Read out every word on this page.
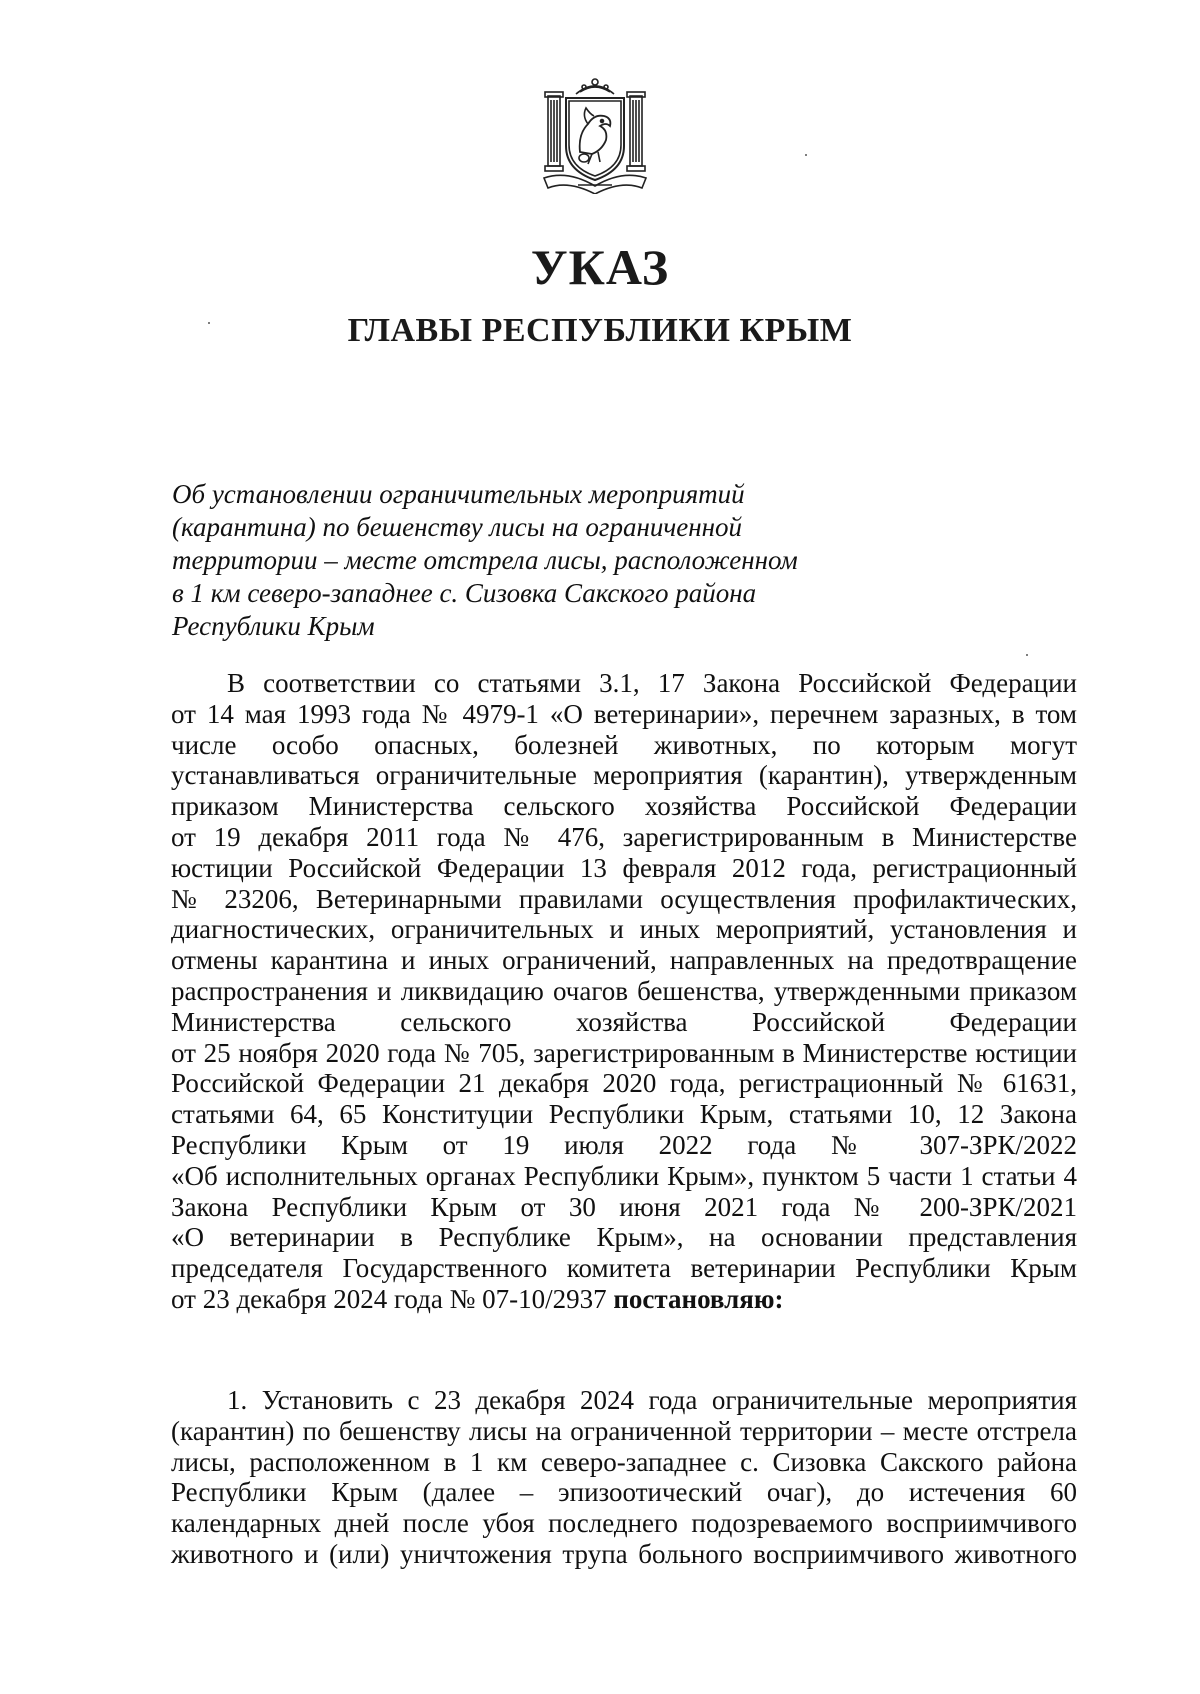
УКАЗ
ГЛАВЫ РЕСПУБЛИКИ КРЫМ
Об установлении ограничительных мероприятий
(карантина) по бешенству лисы на ограниченной
территории – месте отстрела лисы, расположенном
в 1 км северо-западнее с. Сизовка Сакского района
Республики Крым
В соответствии со статьями 3.1, 17 Закона Российской Федерации
от 14 мая 1993 года № 4979-1 «О ветеринарии», перечнем заразных, в том
числе особо опасных, болезней животных, по которым могут
устанавливаться ограничительные мероприятия (карантин), утвержденным
приказом Министерства сельского хозяйства Российской Федерации
от 19 декабря 2011 года № 476, зарегистрированным в Министерстве
юстиции Российской Федерации 13 февраля 2012 года, регистрационный
№ 23206, Ветеринарными правилами осуществления профилактических,
диагностических, ограничительных и иных мероприятий, установления и
отмены карантина и иных ограничений, направленных на предотвращение
распространения и ликвидацию очагов бешенства, утвержденными приказом
Министерства сельского хозяйства Российской Федерации
от 25 ноября 2020 года № 705, зарегистрированным в Министерстве юстиции
Российской Федерации 21 декабря 2020 года, регистрационный № 61631,
статьями 64, 65 Конституции Республики Крым, статьями 10, 12 Закона
Республики Крым от 19 июля 2022 года № 307-ЗРК/2022
«Об исполнительных органах Республики Крым», пунктом 5 части 1 статьи 4
Закона Республики Крым от 30 июня 2021 года № 200-ЗРК/2021
«О ветеринарии в Республике Крым», на основании представления
председателя Государственного комитета ветеринарии Республики Крым
от 23 декабря 2024 года № 07-10/2937 постановляю:
1. Установить с 23 декабря 2024 года ограничительные мероприятия
(карантин) по бешенству лисы на ограниченной территории – месте отстрела
лисы, расположенном в 1 км северо-западнее с. Сизовка Сакского района
Республики Крым (далее – эпизоотический очаг), до истечения 60
календарных дней после убоя последнего подозреваемого восприимчивого
животного и (или) уничтожения трупа больного восприимчивого животного
